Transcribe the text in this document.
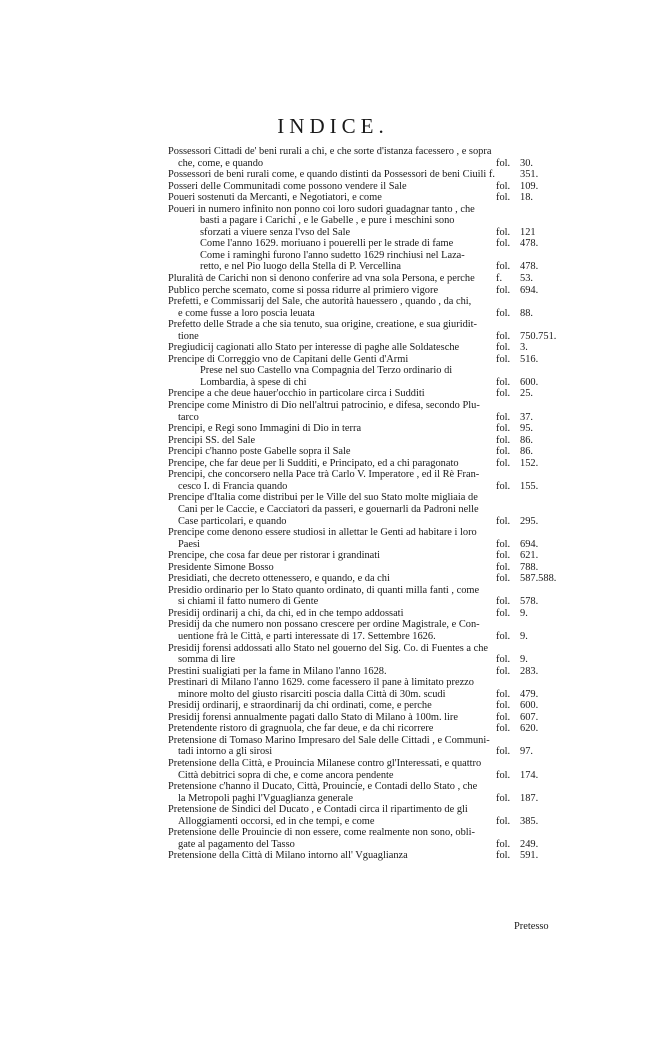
INDICE.
Possessori Cittadi de' beni rurali a chi, e che sorte d'istanza facessero , e sopra
che, come, e quando	fol. 30.
Possessori de beni rurali come, e quando distinti da Possessori de beni Ciuili f. 351.
Posseri delle Communitadi come possono vendere il Sale	fol. 109.
Poueri sostenuti da Mercanti, e Negotiatori, e come	fol. 18.
Poueri in numero infinito non ponno coi loro sudori guadagnar tanto , che
basti a pagare i Carichi , e le Gabelle , e pure i meschini sono
sforzati a viuere senza l'vso del Sale	fol. 121
Come l'anno 1629. moriuano i pouerelli per le strade di fame	fol. 478.
Come i raminghi furono l'anno sudetto 1629 rinchiusi nel Laza-
retto, e nel Pio luogo della Stella di P. Vercellina	fol. 478.
Pluralità de Carichi non si denono conferire ad vna sola Persona, e perche	f.	53.
Publico perche scemato, come si possa ridurre al primiero vigore	fol. 694.
Prefetti, e Commissarij del Sale, che autorità hauessero , quando , da chi,
e come fusse a loro poscia leuata	fol. 88.
Prefetto delle Strade a che sia tenuto, sua origine, creatione, e sua giuridit-
tione	fol. 750.751.
Pregiudicij cagionati allo Stato per interesse di paghe alle Soldatesche	fol. 3.
Prencipe di Correggio vno de Capitani delle Genti d'Armi	fol. 516.
Prese nel suo Castello vna Compagnia del Terzo ordinario di
Lombardia, à spese di chi	fol. 600.
Prencipe a che deue hauer'occhio in particolare circa i Sudditi	fol. 25.
Prencipe come Ministro di Dio nell'altrui patrocinio, e difesa, secondo Plu-
tarco	fol. 37.
Prencipi, e Regi sono Immagini di Dio in terra	fol. 95.
Prencipi SS. del Sale	fol. 86.
Prencipi c'hanno poste Gabelle sopra il Sale	fol. 86.
Prencipe, che far deue per li Sudditi, e Principato, ed a chi paragonato	fol. 152.
Prencipi, che concorsero nella Pace trà Carlo V. Imperatore , ed il Rè Fran-
cesco I. di Francia quando	fol. 155.
Prencipe d'Italia come distribui per le Ville del suo Stato molte migliaia de
Cani per le Caccie, e Cacciatori da passeri, e gouernarli da Padroni nelle
Case particolari, e quando	fol. 295.
Prencipe come denono essere studiosi in allettar le Genti ad habitare i loro
Paesi	fol. 694.
Prencipe, che cosa far deue per ristorar i grandinati	fol. 621.
Presidente Simone Bosso	fol. 788.
Presidiati, che decreto ottenessero, e quando, e da chi	fol. 587.588.
Presidio ordinario per lo Stato quanto ordinato, di quanti milla fanti , come
si chiami il fatto numero di Gente	fol. 578.
Presidij ordinarij a chi, da chi, ed in che tempo addossati	fol. 9.
Presidij da che numero non possano crescere per ordine Magistrale, e Con-
uentione frà le Città, e parti interessate di 17. Settembre 1626.	fol. 9.
Presidij forensi addossati allo Stato nel gouerno del Sig. Co. di Fuentes a che
somma di lire	fol. 9.
Prestini sualigiati per la fame in Milano l'anno 1628.	fol. 283.
Prestinari di Milano l'anno 1629. come facessero il pane à limitato prezzo
minore molto del giusto risarciti poscia dalla Città di 30m. scudi	fol. 479.
Presidij ordinarij, e straordinarij da chi ordinati, come, e perche	fol. 600.
Presidij forensi annualmente pagati dallo Stato di Milano à 100m. lire	fol. 607.
Pretendente ristoro di gragnuola, che far deue, e da chi ricorrere	fol. 620.
Pretensione di Tomaso Marino Impresaro del Sale delle Cittadi , e Communi-
tadi intorno a gli sirosi	fol. 97.
Pretensione della Città, e Prouincia Milanese contro gl'Interessati, e quattro
Città debitrici sopra di che, e come ancora pendente	fol. 174.
Pretensione c'hanno il Ducato, Città, Prouincie, e Contadi dello Stato , che
la Metropoli paghi l'Vguaglianza generale	fol. 187.
Pretensione de Sindici del Ducato , e Contadi circa il ripartimento de gli
Alloggiamenti occorsi, ed in che tempi, e come	fol. 385.
Pretensione delle Prouincie di non essere, come realmente non sono, obli-
gate al pagamento del Tasso	fol. 249.
Pretensione della Città di Milano intorno all' Vguaglianza	fol. 591.
Pretesso
